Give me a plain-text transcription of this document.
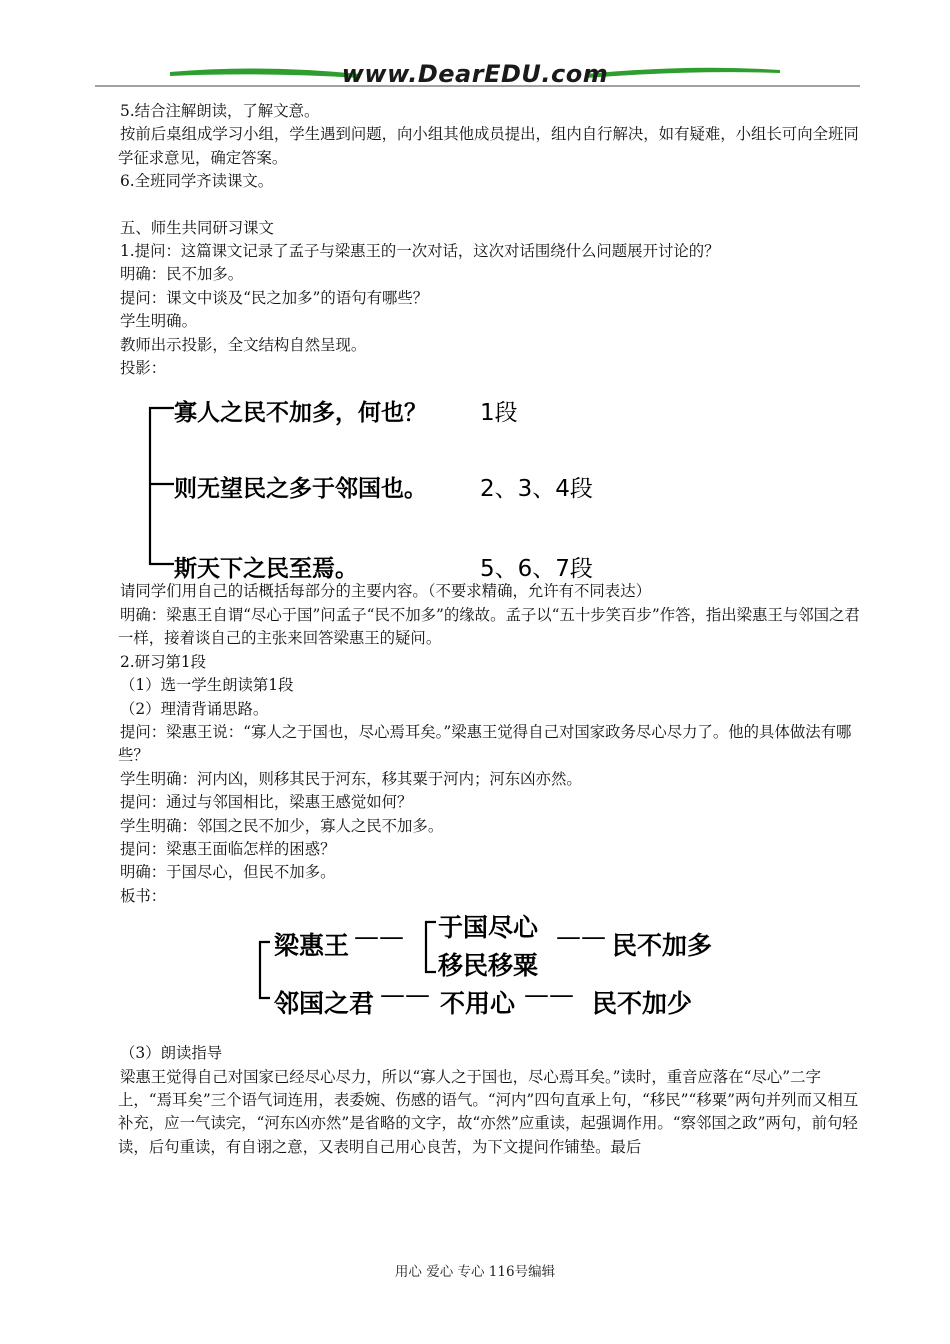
www.DearEDU.com

5.结合注解朗读，了解文意。

按前后桌组成学习小组，学生遇到问题，向小组其他成员提出，组内自行解决，如有疑难，小组长可向全班同学征求意见，确定答案。

6.全班同学齐读课文。

五、师生共同研习课文

1.提问：这篇课文记录了孟子与梁惠王的一次对话，这次对话围绕什么问题展开讨论的？

明确：民不加多。

提问：课文中谈及“民之加多”的语句有哪些？

学生明确。

教师出示投影，全文结构自然呈现。

投影：

寡人之民不加多，何也？ 1段
则无望民之多于邻国也。 2、3、4段
斯天下之民至焉。	5、6、7段

请同学们用自己的话概括每部分的主要内容。（不要求精确，允许有不同表达）

明确：梁惠王自谓“尽心于国”问孟子“民不加多”的缘故。孟子以“五十步笑百步”作答，指出梁惠王与邻国之君一样，接着谈自己的主张来回答梁惠王的疑问。

2.研习第1段

（1）选一学生朗读第1段

（2）理清背诵思路。

提问：梁惠王说：“寡人之于国也，尽心焉耳矣。”梁惠王觉得自己对国家政务尽心尽力了。他的具体做法有哪些？

学生明确：河内凶，则移其民于河东，移其粟于河内；河东凶亦然。

提问：通过与邻国相比，梁惠王感觉如何？

学生明确：邻国之民不加少，寡人之民不加多。

提问：梁惠王面临怎样的困惑？

明确：于国尽心，但民不加多。

板书：

梁惠王 —— 于国尽心
移民移粟
—— 民不加多
邻国之君 —— 不用心 —— 民不加少

（3）朗读指导

梁惠王觉得自己对国家已经尽心尽力，所以“寡人之于国也，尽心焉耳矣。”读时，重音应落在“尽心”二字上，“焉耳矣”三个语气词连用，表委婉、伤感的语气。“河内”四句直承上句，“移民”“移粟”两句并列而又相互补充，应一气读完，“河东凶亦然”是省略的文字，故“亦然”应重读，起强调作用。“察邻国之政”两句，前句轻读，后句重读，有自诩之意，又表明自己用心良苦，为下文提问作铺垫。最后

用心 爱心 专心 116号编辑
